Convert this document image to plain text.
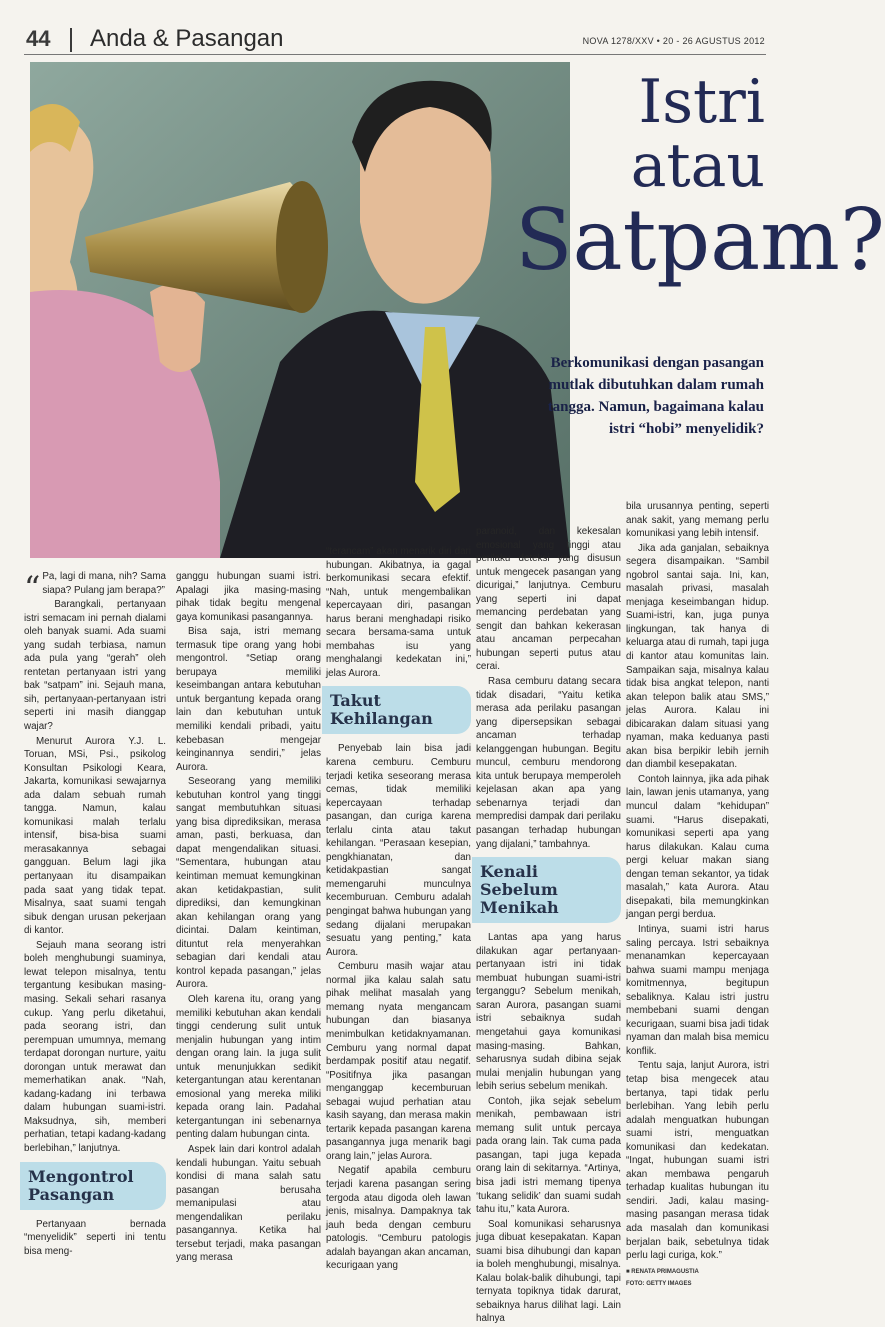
44 Anda & Pasangan	NOVA 1278/XXV • 20 - 26 AGUSTUS 2012

Istri
atau
Satpam?
Berkomunikasi dengan pasangan mutlak dibutuhkan dalam rumah tangga. Namun, bagaimana kalau istri “hobi” menyelidik?

“ Pa, lagi di mana, nih? Sama siapa? Pulang jam berapa?”

Barangkali, pertanyaan istri semacam ini pernah dialami oleh banyak suami. Ada suami yang sudah terbiasa, namun ada pula yang “gerah” oleh rentetan pertanyaan istri yang bak “satpam” ini. Sejauh mana, sih, pertanyaan-pertanyaan istri seperti ini masih dianggap wajar?

Menurut Aurora Y.J. L. Toruan, MSi, Psi., psikolog Konsultan Psikologi Keara, Jakarta, komunikasi sewajarnya ada dalam sebuah rumah tangga. Namun, kalau komunikasi malah terlalu intensif, bisa-bisa suami merasakannya sebagai gangguan. Belum lagi jika pertanyaan itu disampaikan pada saat yang tidak tepat. Misalnya, saat suami tengah sibuk dengan urusan pekerjaan di kantor.

Sejauh mana seorang istri boleh menghubungi suaminya, lewat telepon misalnya, tentu tergantung kesibukan masing-masing. Sekali sehari rasanya cukup. Yang perlu diketahui, pada seorang istri, dan perempuan umumnya, memang terdapat dorongan nurture, yaitu dorongan untuk merawat dan memerhatikan anak. “Nah, kadang-kadang ini terbawa dalam hubungan suami-istri. Maksudnya, sih, memberi perhatian, tetapi kadang-kadang berlebihan,” lanjutnya.

Mengontrol Pasangan

Pertanyaan bernada “menyelidik” seperti ini tentu bisa meng-

ganggu hubungan suami istri. Apalagi jika masing-masing pihak tidak begitu mengenal gaya komunikasi pasangannya.

Bisa saja, istri memang termasuk tipe orang yang hobi mengontrol. “Setiap orang berupaya memiliki keseimbangan antara kebutuhan untuk bergantung kepada orang lain dan kebutuhan untuk memiliki kendali pribadi, yaitu kebebasan mengejar keinginannya sendiri,” jelas Aurora.

Seseorang yang memiliki kebutuhan kontrol yang tinggi sangat membutuhkan situasi yang bisa diprediksikan, merasa aman, pasti, berkuasa, dan dapat mengendalikan situasi. “Sementara, hubungan atau keintiman memuat kemungkinan akan ketidakpastian, sulit diprediksi, dan kemungkinan akan kehilangan orang yang dicintai. Dalam keintiman, dituntut rela menyerahkan sebagian dari kendali atau kontrol kepada pasangan,” jelas Aurora.

Oleh karena itu, orang yang memiliki kebutuhan akan kendali tinggi cenderung sulit untuk menjalin hubungan yang intim dengan orang lain. Ia juga sulit untuk menunjukkan sedikit ketergantungan atau kerentanan emosional yang mereka miliki kepada orang lain. Padahal ketergantungan ini sebenarnya penting dalam hubungan cinta.

Aspek lain dari kontrol adalah kendali hubungan. Yaitu sebuah kondisi di mana salah satu pasangan berusaha memanipulasi atau mengendalikan perilaku pasangannya. Ketika hal tersebut terjadi, maka pasangan yang merasa

“terancam” akan menarik diri dari hubungan. Akibatnya, ia gagal berkomunikasi secara efektif. “Nah, untuk mengembalikan kepercayaan diri, pasangan harus berani menghadapi risiko secara bersama-sama untuk membahas isu yang menghalangi kedekatan ini,” jelas Aurora.

Takut Kehilangan

Penyebab lain bisa jadi karena cemburu. Cemburu terjadi ketika seseorang merasa cemas, tidak memiliki kepercayaan terhadap pasangan, dan curiga karena terlalu cinta atau takut kehilangan. “Perasaan kesepian, pengkhianatan, dan ketidakpastian sangat memengaruhi munculnya kecemburuan. Cemburu adalah pengingat bahwa hubungan yang sedang dijalani merupakan sesuatu yang penting,” kata Aurora.

Cemburu masih wajar atau normal jika kalau salah satu pihak melihat masalah yang memang nyata mengancam hubungan dan biasanya menimbulkan ketidaknyamanan. Cemburu yang normal dapat berdampak positif atau negatif. “Positifnya jika pasangan menganggap kecemburuan sebagai wujud perhatian atau kasih sayang, dan merasa makin tertarik kepada pasangan karena pasangannya juga menarik bagi orang lain,” jelas Aurora.

Negatif apabila cemburu terjadi karena pasangan sering tergoda atau digoda oleh lawan jenis, misalnya. Dampaknya tak jauh beda dengan cemburu patologis. “Cemburu patologis adalah bayangan akan ancaman, kecurigaan yang

paranoid, dan kekesalan emosional yang tinggi atau perilaku deteksi yang disusun untuk mengecek pasangan yang dicurigai,” lanjutnya. Cemburu yang seperti ini dapat memancing perdebatan yang sengit dan bahkan kekerasan atau ancaman perpecahan hubungan seperti putus atau cerai.

Rasa cemburu datang secara tidak disadari, “Yaitu ketika merasa ada perilaku pasangan yang dipersepsikan sebagai ancaman terhadap kelanggengan hubungan. Begitu muncul, cemburu mendorong kita untuk berupaya memperoleh kejelasan akan apa yang sebenarnya terjadi dan mempredisi dampak dari perilaku pasangan terhadap hubungan yang dijalani,” tambahnya.

Kenali Sebelum Menikah

Lantas apa yang harus dilakukan agar pertanyaan-pertanyaan istri ini tidak membuat hubungan suami-istri terganggu? Sebelum menikah, saran Aurora, pasangan suami istri sebaiknya sudah mengetahui gaya komunikasi masing-masing. Bahkan, seharusnya sudah dibina sejak mulai menjalin hubungan yang lebih serius sebelum menikah.

Contoh, jika sejak sebelum menikah, pembawaan istri memang sulit untuk percaya pada orang lain. Tak cuma pada pasangan, tapi juga kepada orang lain di sekitarnya. “Artinya, bisa jadi istri memang tipenya ‘tukang selidik’ dan suami sudah tahu itu,” kata Aurora.

Soal komunikasi seharusnya juga dibuat kesepakatan. Kapan suami bisa dihubungi dan kapan ia boleh menghubungi, misalnya. Kalau bolak-balik dihubungi, tapi ternyata topiknya tidak darurat, sebaiknya harus dilihat lagi. Lain halnya

bila urusannya penting, seperti anak sakit, yang memang perlu komunikasi yang lebih intensif.

Jika ada ganjalan, sebaiknya segera disampaikan. “Sambil ngobrol santai saja. Ini, kan, masalah privasi, masalah menjaga keseimbangan hidup. Suami-istri, kan, juga punya lingkungan, tak hanya di keluarga atau di rumah, tapi juga di kantor atau komunitas lain. Sampaikan saja, misalnya kalau tidak bisa angkat telepon, nanti akan telepon balik atau SMS,” jelas Aurora. Kalau ini dibicarakan dalam situasi yang nyaman, maka keduanya pasti akan bisa berpikir lebih jernih dan diambil kesepakatan.

Contoh lainnya, jika ada pihak lain, lawan jenis utamanya, yang muncul dalam “kehidupan” suami. “Harus disepakati, komunikasi seperti apa yang harus dilakukan. Kalau cuma pergi keluar makan siang dengan teman sekantor, ya tidak masalah,” kata Aurora. Atau disepakati, bila memungkinkan jangan pergi berdua.

Intinya, suami istri harus saling percaya. Istri sebaiknya menanamkan kepercayaan bahwa suami mampu menjaga komitmennya, begitupun sebaliknya. Kalau istri justru membebani suami dengan kecurigaan, suami bisa jadi tidak nyaman dan malah bisa memicu konflik.

Tentu saja, lanjut Aurora, istri tetap bisa mengecek atau bertanya, tapi tidak perlu berlebihan. Yang lebih perlu adalah menguatkan hubungan suami istri, menguatkan komunikasi dan kedekatan. “Ingat, hubungan suami istri akan membawa pengaruh terhadap kualitas hubungan itu sendiri. Jadi, kalau masing-masing pasangan merasa tidak ada masalah dan komunikasi berjalan baik, sebetulnya tidak perlu lagi curiga, kok.”

■ RENATA PRIMAGUSTIA
FOTO: GETTY IMAGES
